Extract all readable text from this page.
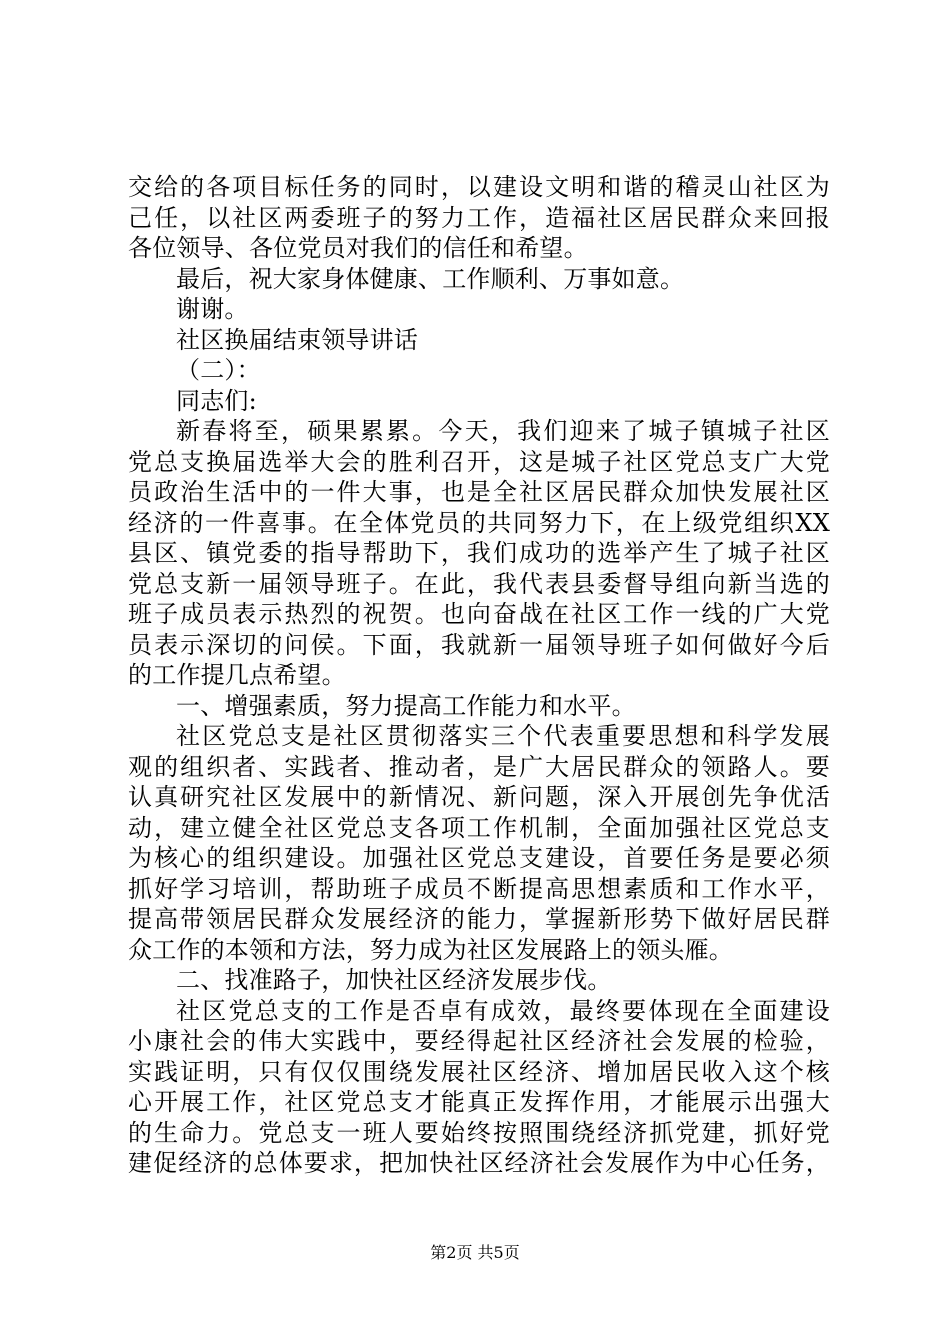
交给的各项目标任务的同时，以建设文明和谐的稽灵山社区为
己任，以社区两委班子的努力工作，造福社区居民群众来回报
各位领导、各位党员对我们的信任和希望。
最后，祝大家身体健康、工作顺利、万事如意。
谢谢。
社区换届结束领导讲话
（二）：
同志们:
新春将至，硕果累累。今天，我们迎来了城子镇城子社区
党总支换届选举大会的胜利召开，这是城子社区党总支广大党
员政治生活中的一件大事，也是全社区居民群众加快发展社区
经济的一件喜事。在全体党员的共同努力下，在上级党组织XX
县区、镇党委的指导帮助下，我们成功的选举产生了城子社区
党总支新一届领导班子。在此，我代表县委督导组向新当选的
班子成员表示热烈的祝贺。也向奋战在社区工作一线的广大党
员表示深切的问侯。下面，我就新一届领导班子如何做好今后
的工作提几点希望。
一、增强素质，努力提高工作能力和水平。
社区党总支是社区贯彻落实三个代表重要思想和科学发展
观的组织者、实践者、推动者，是广大居民群众的领路人。要
认真研究社区发展中的新情况、新问题，深入开展创先争优活
动，建立健全社区党总支各项工作机制，全面加强社区党总支
为核心的组织建设。加强社区党总支建设，首要任务是要必须
抓好学习培训，帮助班子成员不断提高思想素质和工作水平，
提高带领居民群众发展经济的能力，掌握新形势下做好居民群
众工作的本领和方法，努力成为社区发展路上的领头雁。
二、找准路子，加快社区经济发展步伐。
社区党总支的工作是否卓有成效，最终要体现在全面建设
小康社会的伟大实践中，要经得起社区经济社会发展的检验，
实践证明，只有仅仅围绕发展社区经济、增加居民收入这个核
心开展工作，社区党总支才能真正发挥作用，才能展示出强大
的生命力。党总支一班人要始终按照围绕经济抓党建，抓好党
建促经济的总体要求，把加快社区经济社会发展作为中心任务，
第2页 共5页
